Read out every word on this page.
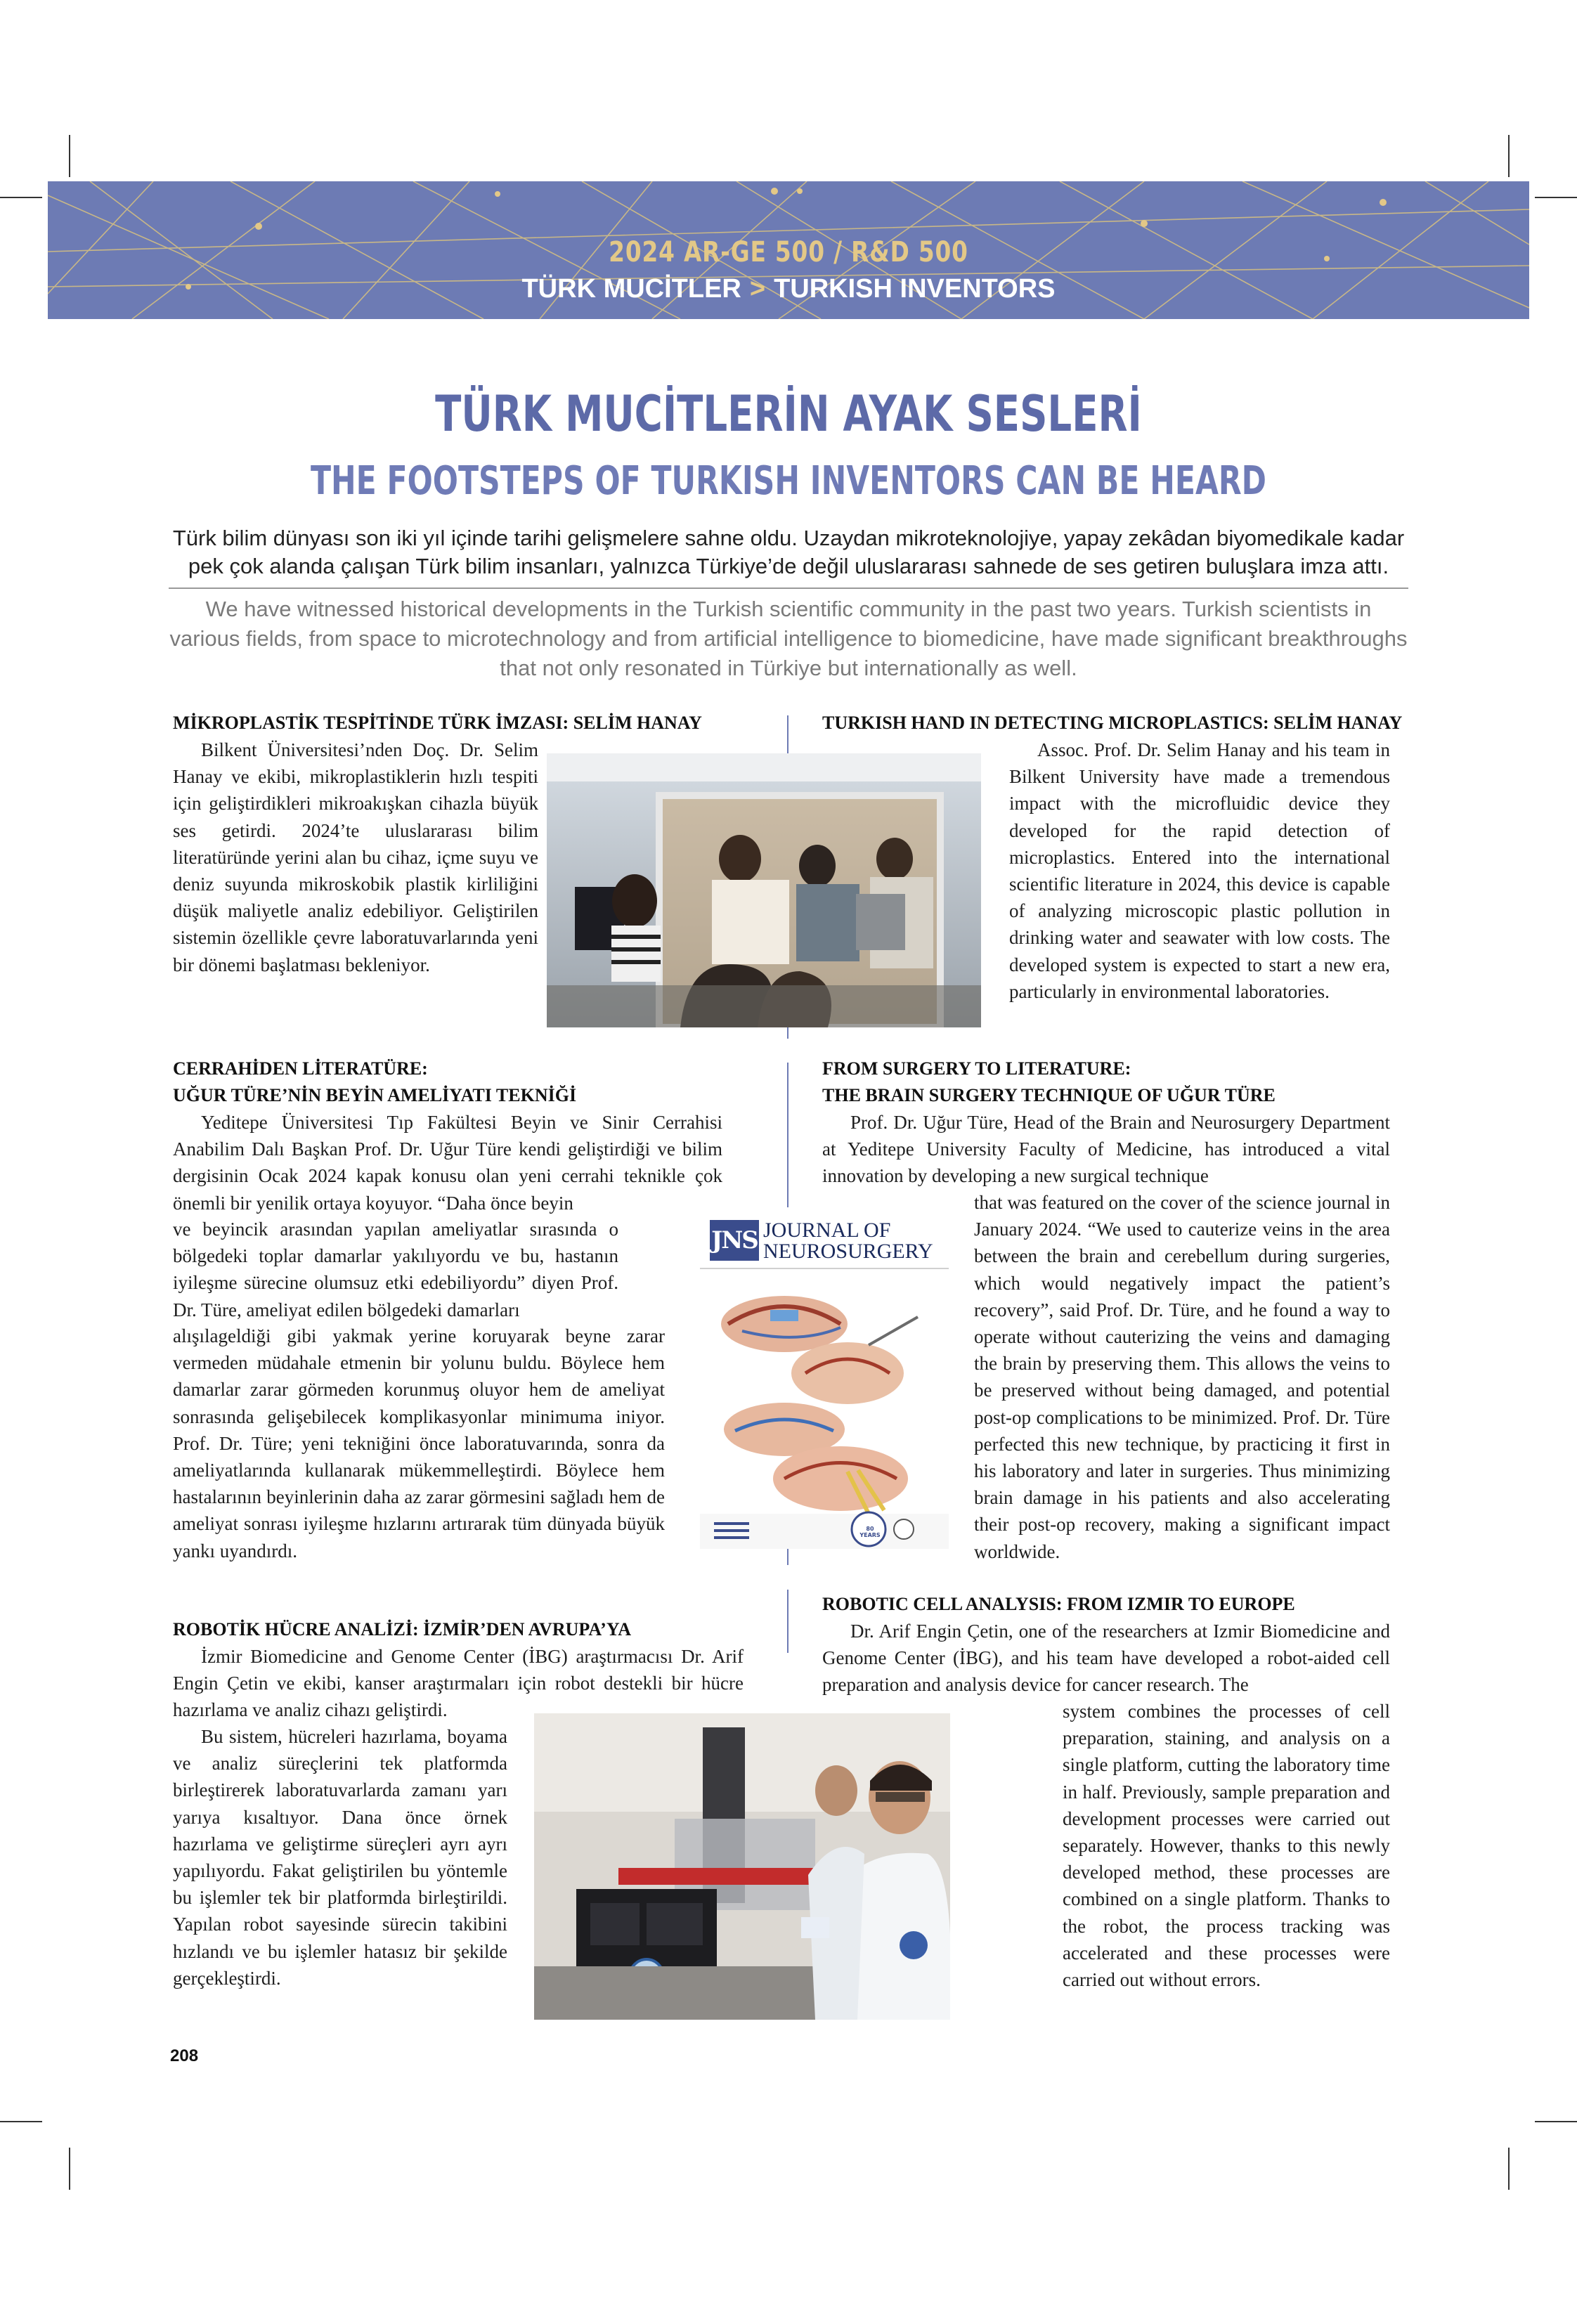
2024 AR-GE 500 / R&D 500
TÜRK MUCİTLER > TURKISH INVENTORS
TÜRK MUCİTLERİN AYAK SESLERİ
THE FOOTSTEPS OF TURKISH INVENTORS CAN BE HEARD
Türk bilim dünyası son iki yıl içinde tarihi gelişmelere sahne oldu. Uzaydan mikroteknolojiye, yapay zekâdan biyomedikale kadar pek çok alanda çalışan Türk bilim insanları, yalnızca Türkiye’de değil uluslararası sahnede de ses getiren buluşlara imza attı.
We have witnessed historical developments in the Turkish scientific community in the past two years. Turkish scientists in various fields, from space to microtechnology and from artificial intelligence to biomedicine, have made significant breakthroughs that not only resonated in Türkiye but internationally as well.
MİKROPLASTİK TESPİTİNDE TÜRK İMZASI: SELİM HANAY	TURKISH HAND IN DETECTING MICROPLASTICS: SELİM HANAY

Bilkent Üniversitesi’nden Doç. Dr. Selim Hanay ve ekibi, mikroplastiklerin hızlı tespiti için geliştirdikleri mikroakışkan cihazla büyük ses getirdi. 2024’te uluslararası bilim literatüründe yerini alan bu cihaz, içme suyu ve deniz suyunda mikroskobik plastik kirliliğini düşük maliyetle analiz edebiliyor. Geliştirilen sistemin özellikle çevre laboratuvarlarında yeni bir dönemi başlatması bekleniyor.

Assoc. Prof. Dr. Selim Hanay and his team in Bilkent University have made a tremendous impact with the microfluidic device they developed for the rapid detection of microplastics. Entered into the international scientific literature in 2024, this device is capable of analyzing microscopic plastic pollution in drinking water and seawater with low costs. The developed system is expected to start a new era, particularly in environmental laboratories.

CERRAHİDEN LİTERATÜRE:
UĞUR TÜRE’NİN BEYİN AMELİYATI TEKNİĞİ
FROM SURGERY TO LITERATURE:
THE BRAIN SURGERY TECHNIQUE OF UĞUR TÜRE

Yeditepe Üniversitesi Tıp Fakültesi Beyin ve Sinir Cerrahisi Anabilim Dalı Başkan Prof. Dr. Uğur Türe kendi geliştirdiği ve bilim dergisinin Ocak 2024 kapak konusu olan yeni cerrahi teknikle çok önemli bir yenilik ortaya koyuyor. “Daha önce beyin

ve beyincik arasından yapılan ameliyatlar sırasında o bölgedeki toplar damarlar yakılıyordu ve bu, hastanın iyileşme sürecine olumsuz etki edebiliyordu” diyen Prof. Dr. Türe, ameliyat edilen bölgedeki damarları

alışılageldiği gibi yakmak yerine koruyarak beyne zarar vermeden müdahale etmenin bir yolunu buldu. Böylece hem damarlar zarar görmeden korunmuş oluyor hem de ameliyat sonrasında gelişebilecek komplikasyonlar minimuma iniyor. Prof. Dr. Türe; yeni tekniğini önce laboratuvarında, sonra da ameliyatlarında kullanarak mükemmelleştirdi. Böylece hem hastalarının beyinlerinin daha az zarar görmesini sağladı hem de ameliyat sonrası iyileşme hızlarını artırarak tüm dünyada büyük yankı uyandırdı.

JNS JOURNAL OF
NEUROSURGERY
80 YEARS

Prof. Dr. Uğur Türe, Head of the Brain and Neurosurgery Department at Yeditepe University Faculty of Medicine, has introduced a vital innovation by developing a new surgical technique

that was featured on the cover of the science journal in January 2024. “We used to cauterize veins in the area between the brain and cerebellum during surgeries, which would negatively impact the patient’s recovery”, said Prof. Dr. Türe, and he found a way to operate without cauterizing the veins and damaging the brain by preserving them. This allows the veins to be preserved without being damaged, and potential post-op complications to be minimized. Prof. Dr. Türe perfected this new technique, by practicing it first in his laboratory and later in surgeries. Thus minimizing brain damage in his patients and also accelerating their post-op recovery, making a significant impact worldwide.

ROBOTİK HÜCRE ANALİZİ: İZMİR’DEN AVRUPA’YA
ROBOTIC CELL ANALYSIS: FROM IZMIR TO EUROPE

İzmir Biomedicine and Genome Center (İBG) araştırmacısı Dr. Arif Engin Çetin ve ekibi, kanser araştırmaları için robot destekli bir hücre hazırlama ve analiz cihazı geliştirdi.

Bu sistem, hücreleri hazırlama, boyama ve analiz süreçlerini tek platformda birleştirerek laboratuvarlarda zamanı yarı yarıya kısaltıyor. Dana önce örnek hazırlama ve geliştirme süreçleri ayrı ayrı yapılıyordu. Fakat geliştirilen bu yöntemle bu işlemler tek bir platformda birleştirildi. Yapılan robot sayesinde sürecin takibini hızlandı ve bu işlemler hatasız bir şekilde gerçekleştirdi.

Dr. Arif Engin Çetin, one of the researchers at Izmir Biomedicine and Genome Center (İBG), and his team have developed a robot-aided cell preparation and analysis device for cancer research. The

system combines the processes of cell preparation, staining, and analysis on a single platform, cutting the laboratory time in half. Previously, sample preparation and development processes were carried out separately. However, thanks to this newly developed method, these processes are combined on a single platform. Thanks to the robot, the process tracking was accelerated and these processes were carried out without errors.

208
